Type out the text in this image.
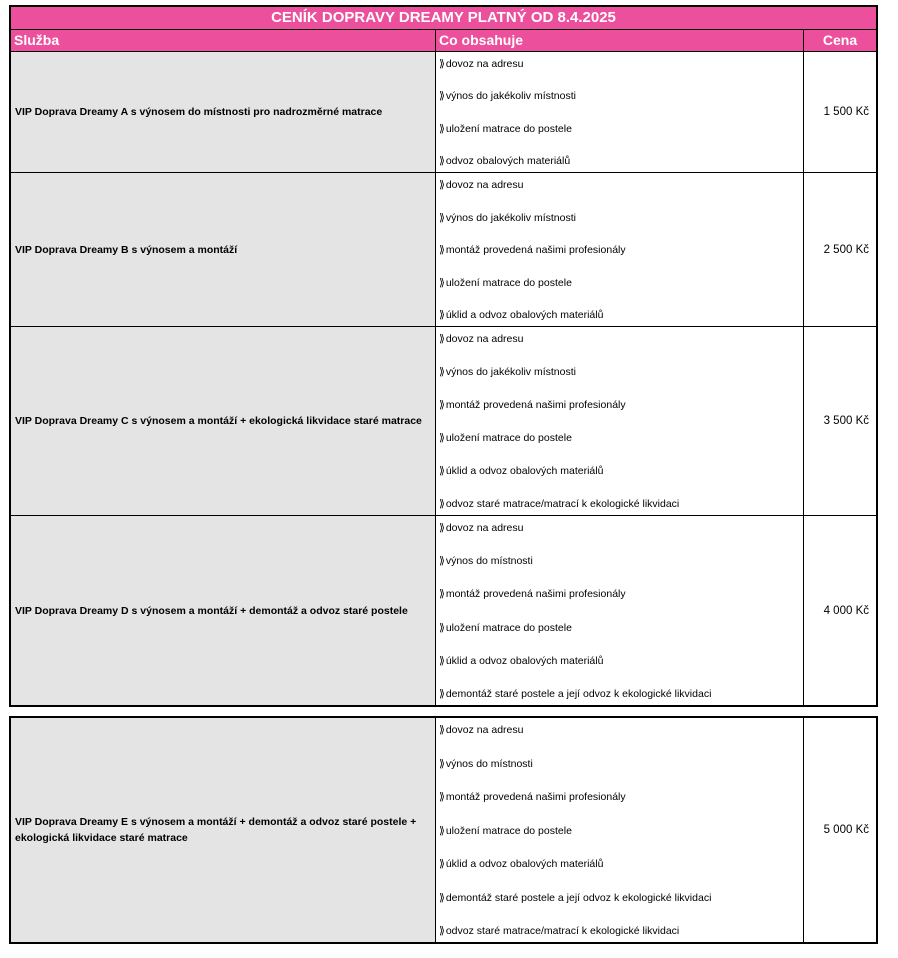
CENÍK DOPRAVY DREAMY PLATNÝ OD 8.4.2025
Služba	Co obsahuje	Cena
VIP Doprava Dreamy A s výnosem do místnosti pro nadrozměrné matrace
⟫dovoz na adresu
⟫výnos do jakékoliv místnosti
⟫uložení matrace do postele
⟫odvoz obalových materiálů
1 500 Kč
VIP Doprava Dreamy B s výnosem a montáží
⟫dovoz na adresu
⟫výnos do jakékoliv místnosti
⟫montáž provedená našimi profesionály
⟫uložení matrace do postele
⟫úklid a odvoz obalových materiálů
2 500 Kč
VIP Doprava Dreamy C s výnosem a montáží + ekologická likvidace staré matrace
⟫dovoz na adresu
⟫výnos do jakékoliv místnosti
⟫montáž provedená našimi profesionály
⟫uložení matrace do postele
⟫úklid a odvoz obalových materiálů
⟫odvoz staré matrace/matrací k ekologické likvidaci
3 500 Kč
VIP Doprava Dreamy D s výnosem a montáží + demontáž a odvoz staré postele
⟫dovoz na adresu
⟫výnos do místnosti
⟫montáž provedená našimi profesionály
⟫uložení matrace do postele
⟫úklid a odvoz obalových materiálů
⟫demontáž staré postele a její odvoz k ekologické likvidaci
4 000 Kč
VIP Doprava Dreamy E s výnosem a montáží + demontáž a odvoz staré postele + ekologická likvidace staré matrace
⟫dovoz na adresu
⟫výnos do místnosti
⟫montáž provedená našimi profesionály
⟫uložení matrace do postele
⟫úklid a odvoz obalových materiálů
⟫demontáž staré postele a její odvoz k ekologické likvidaci
⟫odvoz staré matrace/matrací k ekologické likvidaci
5 000 Kč
